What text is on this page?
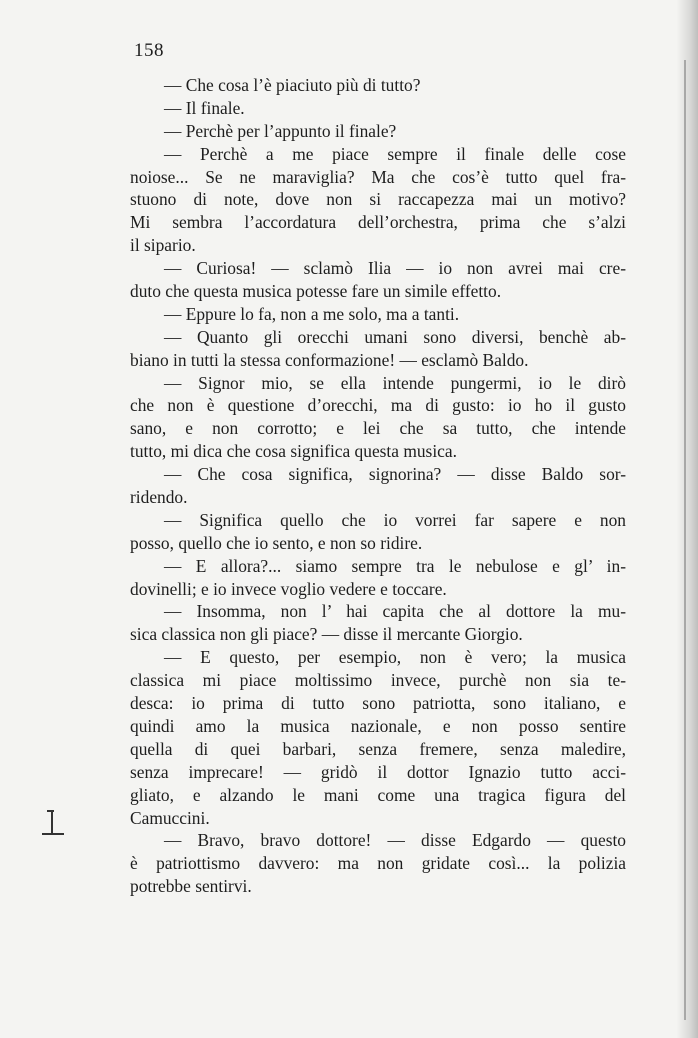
158
— Che cosa l’è piaciuto più di tutto?
— Il finale.
— Perchè per l’appunto il finale?
— Perchè a me piace sempre il finale delle cose
noiose... Se ne maraviglia? Ma che cos’è tutto quel fra-
stuono di note, dove non si raccapezza mai un motivo?
Mi sembra l’accordatura dell’orchestra, prima che s’alzi
il sipario.
— Curiosa! — sclamò Ilia — io non avrei mai cre-
duto che questa musica potesse fare un simile effetto.
— Eppure lo fa, non a me solo, ma a tanti.
— Quanto gli orecchi umani sono diversi, benchè ab-
biano in tutti la stessa conformazione! — esclamò Baldo.
— Signor mio, se ella intende pungermi, io le dirò
che non è questione d’orecchi, ma di gusto: io ho il gusto
sano, e non corrotto; e lei che sa tutto, che intende
tutto, mi dica che cosa significa questa musica.
— Che cosa significa, signorina? — disse Baldo sor-
ridendo.
— Significa quello che io vorrei far sapere e non
posso, quello che io sento, e non so ridire.
— E allora?... siamo sempre tra le nebulose e gl’ in-
dovinelli; e io invece voglio vedere e toccare.
— Insomma, non l’ hai capita che al dottore la mu-
sica classica non gli piace? — disse il mercante Giorgio.
— E questo, per esempio, non è vero; la musica
classica mi piace moltissimo invece, purchè non sia te-
desca: io prima di tutto sono patriotta, sono italiano, e
quindi amo la musica nazionale, e non posso sentire
quella di quei barbari, senza fremere, senza maledire,
senza imprecare! — gridò il dottor Ignazio tutto acci-
gliato, e alzando le mani come una tragica figura del
Camuccini.
— Bravo, bravo dottore! — disse Edgardo — questo
è patriottismo davvero: ma non gridate così... la polizia
potrebbe sentirvi.
